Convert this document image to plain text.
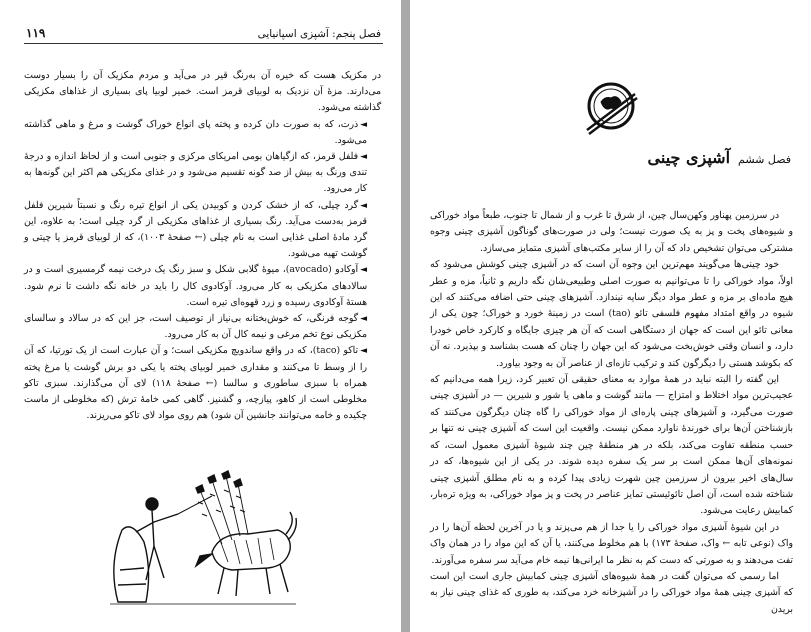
۱۱۹	فصل پنجم: آشپزی اسپانیایی

در مکزیک هست که خیره آن به‌رنگ قیر در می‌آید و مردم مکزیک آن را بسیار دوست می‌دارند. مزهٔ آن نزدیک به لوبیای قرمز است. خمیر لوبیا پای بسیاری از غذاهای مکزیکی گذاشته می‌شود.

◄ذرت، که به صورت دان کرده و پخته پای انواع خوراک گوشت و مرغ و ماهی گذاشته می‌شود.

◄فلفل قرمز، که ازگیاهان بومی امریکای مرکزی و جنوبی است و از لحاظ اندازه و درجهٔ تندی ورنگ به بیش از صد گونه تقسیم می‌شود و در غذای مکزیکی هم اکثر این گونه‌ها به کار می‌رود.

◄گرد چیلی، که از خشک کردن و کوبیدن یکی از انواع تیره رنگ و نسبتاً شیرین فلفل قرمز به‌دست می‌آید. رنگ بسیاری از غذاهای مکزیکی از گرد چیلی است؛ به علاوه، این گرد مادهٔ اصلی غذایی است به نام چیلی (← صفحهٔ ۱۰۰۳)، که از لوبیای قرمز یا چیتی و گوشت تهیه می‌شود.

◄آوکادو (avocado)، میوهٔ گلابی شکل و سبز رنگ یک درخت نیمه گرمسیری است و در سالادهای مکزیکی به کار می‌رود. آوکادوی کال را باید در خانه نگه داشت تا نرم شود. هستهٔ آوکادوی رسیده و زرد قهوه‌ای تیره است.

◄گوجه فرنگی، که خوش‌بختانه بی‌نیاز از توصیف است، جز این که در سالاد و سالسای مکزیکی نوع تخم مرغی و نیمه کال آن به کار می‌رود.

◄تاکو (taco)، که در واقع ساندویچ مکزیکی است؛ و آن عبارت است از یک تورتیا، که آن را از وسط تا می‌کنند و مقداری خمیر لوبیای پخته یا یکی دو برش گوشت یا مرغ پخته همراه با سبزی ساطوری و سالسا (← صفحهٔ ۱۱۸) لای آن می‌گذارند. سبزی تاکو مخلوطی است از کاهو، پیازچه، و گشنیز. گاهی کمی خامهٔ ترش (که مخلوطی از ماست چکیده و خامه می‌توانند جانشین آن شود) هم روی مواد لای تاکو می‌ریزند.

فصل ششم
آشپزی چینی

در سرزمین پهناور وکهن‌سال چین، از شرق تا غرب و از شمال تا جنوب، طبعاً مواد خوراکی و شیوه‌های پخت و پز به یک صورت نیست؛ ولی در صورت‌های گوناگون آشپزی چینی وجوه مشترکی می‌توان تشخیص داد که آن را از سایر مکتب‌های آشپزی متمایز می‌سازد.

خود چینی‌ها می‌گویند مهم‌ترین این وجوه آن است که در آشپزی چینی کوشش می‌شود که اولاً، مواد خوراکی را تا می‌توانیم به صورت اصلی وطبیعی‌شان نگه داریم و ثانیاً، مزه و عطر هیچ ماده‌ای بر مزه و عطر مواد دیگر سایه نیندازد. آشپزهای چینی حتی اضافه می‌کنند که این شیوه در واقع امتداد مفهوم فلسفی تائو (tao) است در زمینهٔ خورد و خوراک؛ چون یکی از معانی تائو این است که جهان از دستگاهی است که آن هر چیزی جایگاه و کارکرد خاص خودرا دارد، و انسان وقتی خوش‌بخت می‌شود که این جهان را چنان که هست بشناسد و بپذیرد. نه آن که بکوشد هستی را دیگرگون کند و ترکیب تازه‌ای از عناصر آن به وجود بیاورد.

این گفته را البته نباید در همهٔ موارد به معنای حقیقی آن تعبیر کرد، زیرا همه می‌دانیم که عجیب‌ترین مواد اختلاط و امتزاج — مانند گوشت و ماهی یا شور و شیرین — در آشپزی چینی صورت می‌گیرد، و آشپزهای چینی پاره‌ای از مواد خوراکی را گاه چنان دیگرگون می‌کنند که بازشناختن آن‌ها برای خورندهٔ ناوارد ممکن نیست. واقعیت این است که آشپزی چینی نه تنها بر حسب منطقه تفاوت می‌کند، بلکه در هر منطقهٔ چین چند شیوهٔ آشپزی معمول است، که نمونه‌های آن‌ها ممکن است بر سر یک سفره دیده شوند. در یکی از این شیوه‌ها، که در سال‌های اخیر بیرون از سرزمین چین شهرت زیادی پیدا کرده و به نام مطلق آشپزی چینی شناخته شده است، آن اصل تائوئیستی تمایز عناصر در پخت و پز مواد خوراکی، به ویژه تره‌بار، کمابیش رعایت می‌شود.

در این شیوهٔ آشپزی مواد خوراکی را یا جدا از هم می‌پزند و یا در آخرین لحظه آن‌ها را در واک (نوعی تابه ← واک، صفحهٔ ۱۷۳) با هم مخلوط می‌کنند، یا آن که این مواد را در همان واک تفت می‌دهند و به صورتی که دست کم به نظر ما ایرانی‌ها نیمه خام می‌آید سر سفره می‌آورند.

اما رسمی که می‌توان گفت در همهٔ شیوه‌های آشپزی چینی کمابیش جاری است این است که آشپزی چینی همهٔ مواد خوراکی را در آشپزخانه خرد می‌کند، به طوری که غذای چینی نیاز به بریدن
